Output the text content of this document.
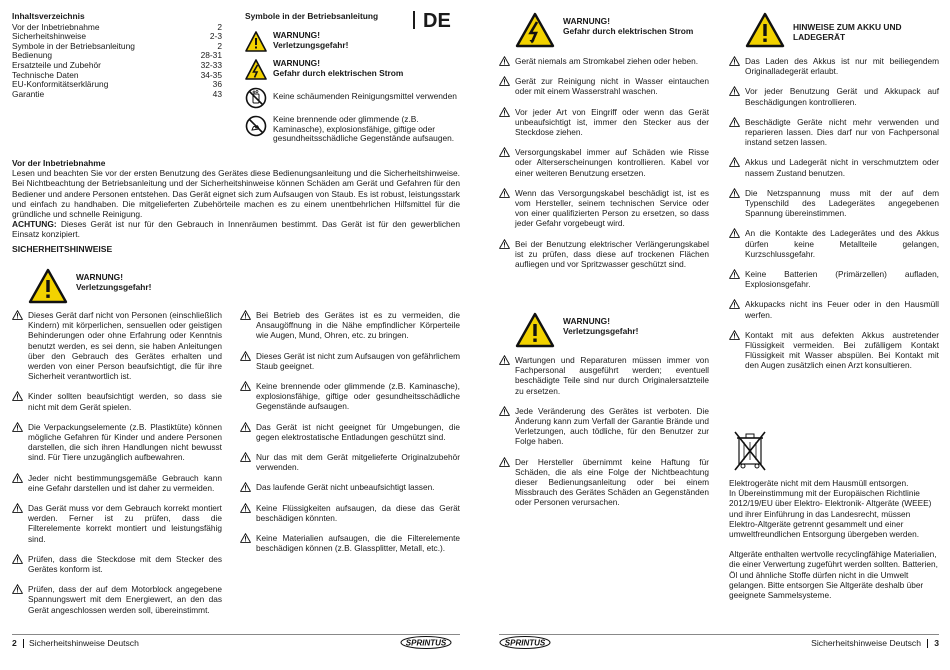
Inhaltsverzeichnis
Vor der Inbetriebnahme	2
Sicherheitshinweise	2-3
Symbole in der Betriebsanleitung	2
Bedienung	28-31
Ersatzteile und Zubehör	32-33
Technische Daten	34-35
EU-Konformitätserklärung	36
Garantie	43
Symbole in der Betriebsanleitung
WARNUNG!
Verletzungsgefahr!
WARNUNG!
Gefahr durch elektrischen Strom
Keine schäumenden Reinigungsmittel verwenden
Keine brennende oder glimmende (z.B. Kaminasche), explosionsfähige, giftige oder gesundheitsschädliche Gegenstände aufsaugen.
DE
Vor der Inbetriebnahme
Lesen und beachten Sie vor der ersten Benutzung des Gerätes diese Bedienungsanleitung und die Sicherheitshinweise. Bei Nichtbeachtung der Betriebsanleitung und der Sicherheitshinweise können Schäden am Gerät und Gefahren für den Bediener und andere Personen entstehen. Das Gerät eignet sich zum Aufsaugen von Staub. Es ist robust, leistungsstark und einfach zu handhaben. Die mitgelieferten Zubehörteile machen es zu einem unentbehrlichen Hilfsmittel für die gründliche und schnelle Reinigung.
ACHTUNG: Dieses Gerät ist nur für den Gebrauch in Innenräumen bestimmt. Das Gerät ist für den gewerblichen Einsatz konzipiert.
SICHERHEITSHINWEISE
WARNUNG!
Verletzungsgefahr!
Dieses Gerät darf nicht von Personen (einschließlich Kindern) mit körperlichen, sensuellen oder geistigen Behinderungen oder ohne Erfahrung oder Kenntnis benutzt werden, es sei denn, sie haben Anleitungen über den Gebrauch des Gerätes erhalten und werden von einer Person beaufsichtigt, die für ihre Sicherheit verantwortlich ist.
Kinder sollten beaufsichtigt werden, so dass sie nicht mit dem Gerät spielen.
Die Verpackungselemente (z.B. Plastiktüte) können mögliche Gefahren für Kinder und andere Personen darstellen, die sich ihren Handlungen nicht bewusst sind. Für Tiere unzugänglich aufbewahren.
Jeder nicht bestimmungsgemäße Gebrauch kann eine Gefahr darstellen und ist daher zu vermeiden.
Das Gerät muss vor dem Gebrauch korrekt montiert werden. Ferner ist zu prüfen, dass die Filterelemente korrekt montiert und leistungsfähig sind.
Prüfen, dass die Steckdose mit dem Stecker des Gerätes konform ist.
Prüfen, dass der auf dem Motorblock angegebene Spannungswert mit dem Energiewert, an den das Gerät angeschlossen werden soll, übereinstimmt.
Bei Betrieb des Gerätes ist es zu vermeiden, die Ansaugöffnung in die Nähe empfindlicher Körperteile wie Augen, Mund, Ohren, etc. zu bringen.
Dieses Gerät ist nicht zum Aufsaugen von gefährlichem Staub geeignet.
Keine brennende oder glimmende (z.B. Kaminasche), explosionsfähige, giftige oder gesundheitsschädliche Gegenstände aufsaugen.
Das Gerät ist nicht geeignet für Umgebungen, die gegen elektrostatische Entladungen geschützt sind.
Nur das mit dem Gerät mitgelieferte Originalzubehör verwenden.
Das laufende Gerät nicht unbeaufsichtigt lassen.
Keine Flüssigkeiten aufsaugen, da diese das Gerät beschädigen könnten.
Keine Materialien aufsaugen, die die Filterelemente beschädigen können (z.B. Glassplitter, Metall, etc.).
2 Sicherheitshinweise Deutsch	SPRINTUS
WARNUNG!
Gefahr durch elektrischen Strom
Gerät niemals am Stromkabel ziehen oder heben.
Gerät zur Reinigung nicht in Wasser eintauchen oder mit einem Wasserstrahl waschen.
Vor jeder Art von Eingriff oder wenn das Gerät unbeaufsichtigt ist, immer den Stecker aus der Steckdose ziehen.
Versorgungskabel immer auf Schäden wie Risse oder Alterserscheinungen kontrollieren. Kabel vor einer weiteren Benutzung ersetzen.
Wenn das Versorgungskabel beschädigt ist, ist es vom Hersteller, seinem technischen Service oder von einer qualifizierten Person zu ersetzen, so dass jeder Gefahr vorgebeugt wird.
Bei der Benutzung elektrischer Verlängerungskabel ist zu prüfen, dass diese auf trockenen Flächen aufliegen und vor Spritzwasser geschützt sind.
WARNUNG!
Verletzungsgefahr!
Wartungen und Reparaturen müssen immer von Fachpersonal ausgeführt werden; eventuell beschädigte Teile sind nur durch Originalersatzteile zu ersetzen.
Jede Veränderung des Gerätes ist verboten. Die Änderung kann zum Verfall der Garantie Brände und Verletzungen, auch tödliche, für den Benutzer zur Folge haben.
Der Hersteller übernimmt keine Haftung für Schäden, die als eine Folge der Nichtbeachtung dieser Bedienungsanleitung oder bei einem Missbrauch des Gerätes Schäden an Gegenständen oder Personen verursachen.
HINWEISE ZUM AKKU UND
LADEGERÄT
Das Laden des Akkus ist nur mit beiliegendem Originalladegerät erlaubt.
Vor jeder Benutzung Gerät und Akkupack auf Beschädigungen kontrollieren.
Beschädigte Geräte nicht mehr verwenden und reparieren lassen. Dies darf nur von Fachpersonal instand setzen lassen.
Akkus und Ladegerät nicht in verschmutztem oder nassem Zustand benutzen.
Die Netzspannung muss mit der auf dem Typenschild des Ladegerätes angegebenen Spannung übereinstimmen.
An die Kontakte des Ladegerätes und des Akkus dürfen keine Metallteile gelangen, Kurzschlussgefahr.
Keine Batterien (Primärzellen) aufladen, Explosionsgefahr.
Akkupacks nicht ins Feuer oder in den Hausmüll werfen.
Kontakt mit aus defekten Akkus austretender Flüssigkeit vermeiden. Bei zufälligem Kontakt Flüssigkeit mit Wasser abspülen. Bei Kontakt mit den Augen zusätzlich einen Arzt konsultieren.

Elektrogeräte nicht mit dem Hausmüll entsorgen.

In Übereinstimmung mit der Europäischen Richtlinie 2012/19/EU über Elektro- Elektronik- Altgeräte (WEEE) und ihrer Einführung in das Landesrecht, müssen Elektro-Altgeräte getrennt gesammelt und einer umweltfreundlichen Entsorgung übergeben werden.

Altgeräte enthalten wertvolle recyclingfähige Materialien, die einer Verwertung zugeführt werden sollten. Batterien, Öl und ähnliche Stoffe dürfen nicht in die Umwelt gelangen. Bitte entsorgen Sie Altgeräte deshalb über geeignete Sammelsysteme.

SPRINTUS	Sicherheitshinweise Deutsch 3
